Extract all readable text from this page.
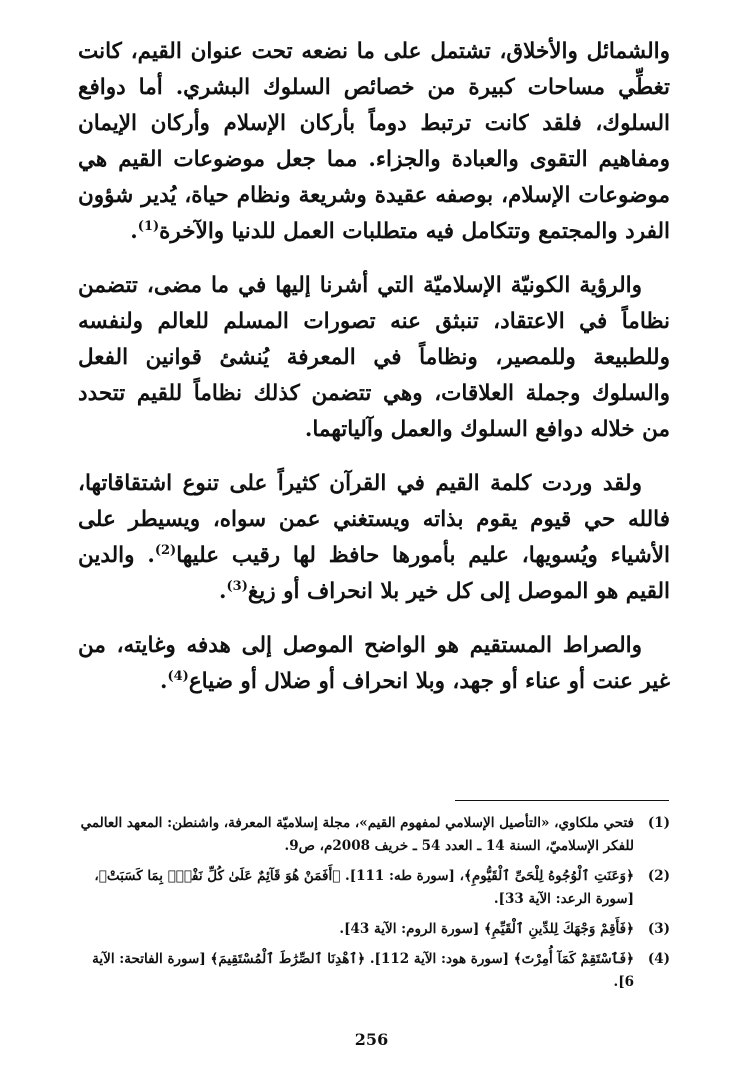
والشمائل والأخلاق، تشتمل على ما نضعه تحت عنوان القيم، كانت تغطِّي مساحات كبيرة من خصائص السلوك البشري. أما دوافع السلوك، فلقد كانت ترتبط دوماً بأركان الإسلام وأركان الإيمان ومفاهيم التقوى والعبادة والجزاء. مما جعل موضوعات القيم هي موضوعات الإسلام، بوصفه عقيدة وشريعة ونظام حياة، يُدير شؤون الفرد والمجتمع وتتكامل فيه متطلبات العمل للدنيا والآخرة$^{(1)}$.

والرؤية الكونيّة الإسلاميّة التي أشرنا إليها في ما مضى، تتضمن نظاماً في الاعتقاد، تنبثق عنه تصورات المسلم للعالم ولنفسه وللطبيعة وللمصير، ونظاماً في المعرفة يُنشئ قوانين الفعل والسلوك وجملة العلاقات، وهي تتضمن كذلك نظاماً للقيم تتحدد من خلاله دوافع السلوك والعمل وآلياتهما.

ولقد وردت كلمة القيم في القرآن كثيراً على تنوع اشتقاقاتها، فالله حي قيوم يقوم بذاته ويستغني عمن سواه، ويسيطر على الأشياء ويُسويها، عليم بأمورها حافظ لها رقيب عليها$^{(2)}$. والدين القيم هو الموصل إلى كل خير بلا انحراف أو زيغ$^{(3)}$.

والصراط المستقيم هو الواضح الموصل إلى هدفه وغايته، من غير عنت أو عناء أو جهد، وبلا انحراف أو ضلال أو ضياع$^{(4)}$.

(1)
فتحي ملكاوي، «التأصيل الإسلامي لمفهوم القيم»، مجلة إسلاميّة المعرفة، واشنطن: المعهد العالمي للفكر الإسلاميّ، السنة 14 ـ العدد 54 ـ خريف 2008م، ص9.
(2)
﴿وَعَنَتِ ٱلْوُجُوهُ لِلْحَىِّ ٱلْقَيُّومِ﴾، [سورة طه: 111]. ﴿أَفَمَنْ هُوَ قَآئِمٌ عَلَىٰ كُلِّ نَفْسٍۭ بِمَا كَسَبَتْ﴾، [سورة الرعد: الآية 33].
(3)
﴿فَأَقِمْ وَجْهَكَ لِلدِّينِ ٱلْقَيِّمِ﴾ [سورة الروم: الآية 43].
(4)
﴿فَٱسْتَقِمْ كَمَآ أُمِرْتَ﴾ [سورة هود: الآية 112]. ﴿ٱهْدِنَا ٱلصِّرَٰطَ ٱلْمُسْتَقِيمَ﴾ [سورة الفاتحة: الآية 6].
256
